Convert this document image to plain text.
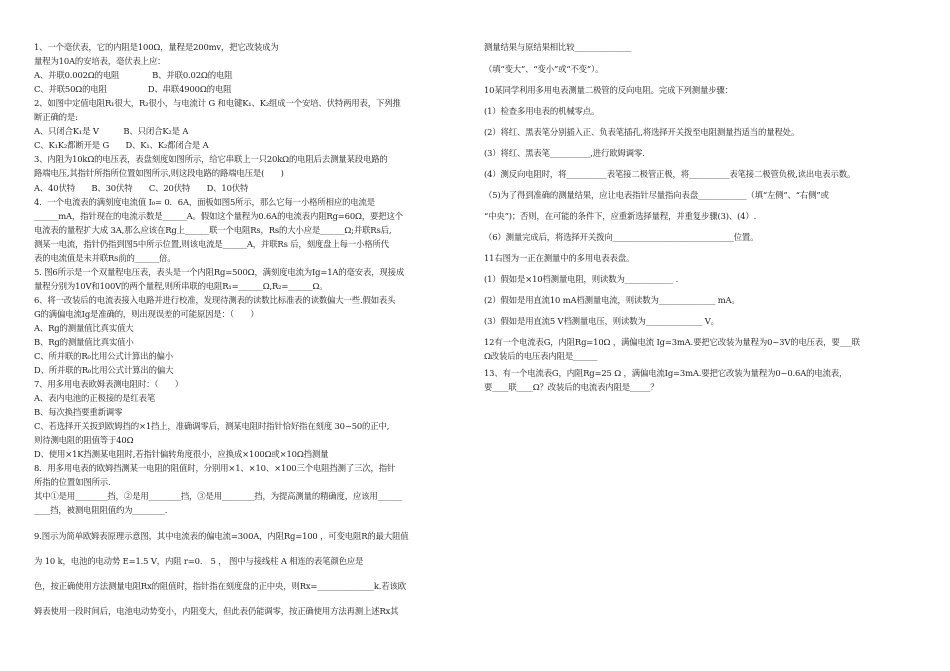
1、一个毫伏表，它的内阻是100Ω，量程是200mv，把它改装成为
量程为10A的安培表，毫伏表上应：
A、并联0.002Ω的电阻　　　　B、并联0.02Ω的电阻
C、并联50Ω的电阻　　　　　D、串联4900Ω的电阻
2、如图中定值电阻R₁很大，R₂很小，与电流计 G 和电键K₁、K₂组成一个安培、伏特两用表，下列推
断正确的是:
A、只闭合K₁是 V　　　B、只闭合K₂是 A
C、K₁K₂都断开是 G　　D、K₁、K₂都闭合是 A
3、内阻为10kΩ的电压表，表盘刻度如图所示，给它串联上一只20kΩ的电阻后去测量某段电路的
路端电压,其指针所指所位置如图所示,则这段电路的路端电压是(　　)
A、40伏特　　B、30伏特　　C、20伏特　　D、10伏特
4．一个电流表的满刻度电流值 I₀= 0．6A，面板如图5所示，那么它每一小格所相应的电流是
______mA，指针现在的电流示数是______A。假如这个量程为0.6A的电流表内阻Rg=60Ω，要把这个
电流表的量程扩大成 3A,那么应该在Rg上______联一个电阻Rs，Rs的大小应是______Ω;并联Rs后,
测某一电流，指针仍指到图5中所示位置,则该电流是______A，并联Rs 后，刻度盘上每一小格所代
表的电流值是未并联Rs前的______倍。
5. 图6所示是一个双量程电压表，表头是一个内阻Rg=500Ω，满刻度电流为Ig=1A的毫安表，现接成
量程分别为10V和100V的两个量程,则所串联的电阻R₁=______Ω,R₂=______Ω。
6、将一改装后的电流表接入电路并进行校准，发现待测表的读数比标准表的读数偏大一些.假如表头
G的满偏电流Ig是准确的，则出现误差的可能原因是：（　　）
A、Rg的测量值比真实值大
B、Rg的测量值比真实值小
C、所并联的R₀比用公式计算出的偏小
D、所并联的R₀比用公式计算出的偏大
7、用多用电表欧姆表测电阻时：（　　）
A、表内电池的正极接的是红表笔
B、每次换挡要重新调零
C、若选择开关扳到欧姆挡的×1挡上，准确调零后，测某电阻时指针恰好指在刻度 30~50的正中,
则待测电阻的阻值等于40Ω
D、使用×1K挡测某电阻时,若指针偏转角度很小，应换成×100Ω或×10Ω挡测量
8．用多用电表的欧姆挡测某一电阻的阻值时，分别用×1、×10、×100三个电阻挡测了三次，指针
所指的位置如图所示.
其中①是用________挡，②是用________挡，③是用________挡，为提高测量的精确度，应该用______
____挡，被测电阻阻值约为________.
9.图示为简单欧姆表原理示意图，其中电流表的偏电流=300A，内阻Rg=100 ，可变电阻R的最大阻值
为 10 k，电池的电动势 E=1.5 V，内阻 r=0． 5 ， 图中与接线柱 A 相连的表笔颜色应是
色，按正确使用方法测量电阻Rx的阻值时，指针指在刻度盘的正中央，则Rx=______________k.若该欧
姆表使用一段时间后，电池电动势变小，内阻变大，但此表仍能调零，按正确使用方法再测上述Rx其
测量结果与原结果相比较______________
（填“变大”、“变小”或“不变”）。
10某同学利用多用电表测量二极管的反向电阻。完成下列测量步骤：
(1）检查多用电表的机械零点。
(2）将红、黑表笔分别插入正、负表笔插孔,将选择开关拨至电阻测量挡适当的量程处。
(3）将红、黑表笔__________,进行欧姆调零.
(4）测反向电阻时，将__________表笔接二极管正极，将__________表笔接二极管负极,读出电表示数。
（5)为了得到准确的测量结果，应让电表指针尽量指向表盘____________（填“左侧”、“右侧”或
“中央”)；否则，在可能的条件下，应重新选择量程，并重复步骤(3)、(4）.
（6）测量完成后，将选择开关拨向______________________________位置。
11右图为一正在测量中的多用电表表盘。
(1）假如是×10档测量电阻，则读数为____________ .
(2）假如是用直流10 mA档测量电流，则读数为______________ mA。
(3）假如是用直流5 V档测量电压，则读数为______________ V。
12有一个电流表G，内阻Rg=10Ω ，满偏电流 Ig=3mA.要把它改装为量程为0~3V的电压表，要___联
Ω改装后的电压表内阻是______
13、有一个电流表G，内阻Rg=25 Ω ，满偏电流Ig=3mA.要把它改装为量程为0~0.6A的电流表，
要____联____Ω？改装后的电流表内阻是_____？
